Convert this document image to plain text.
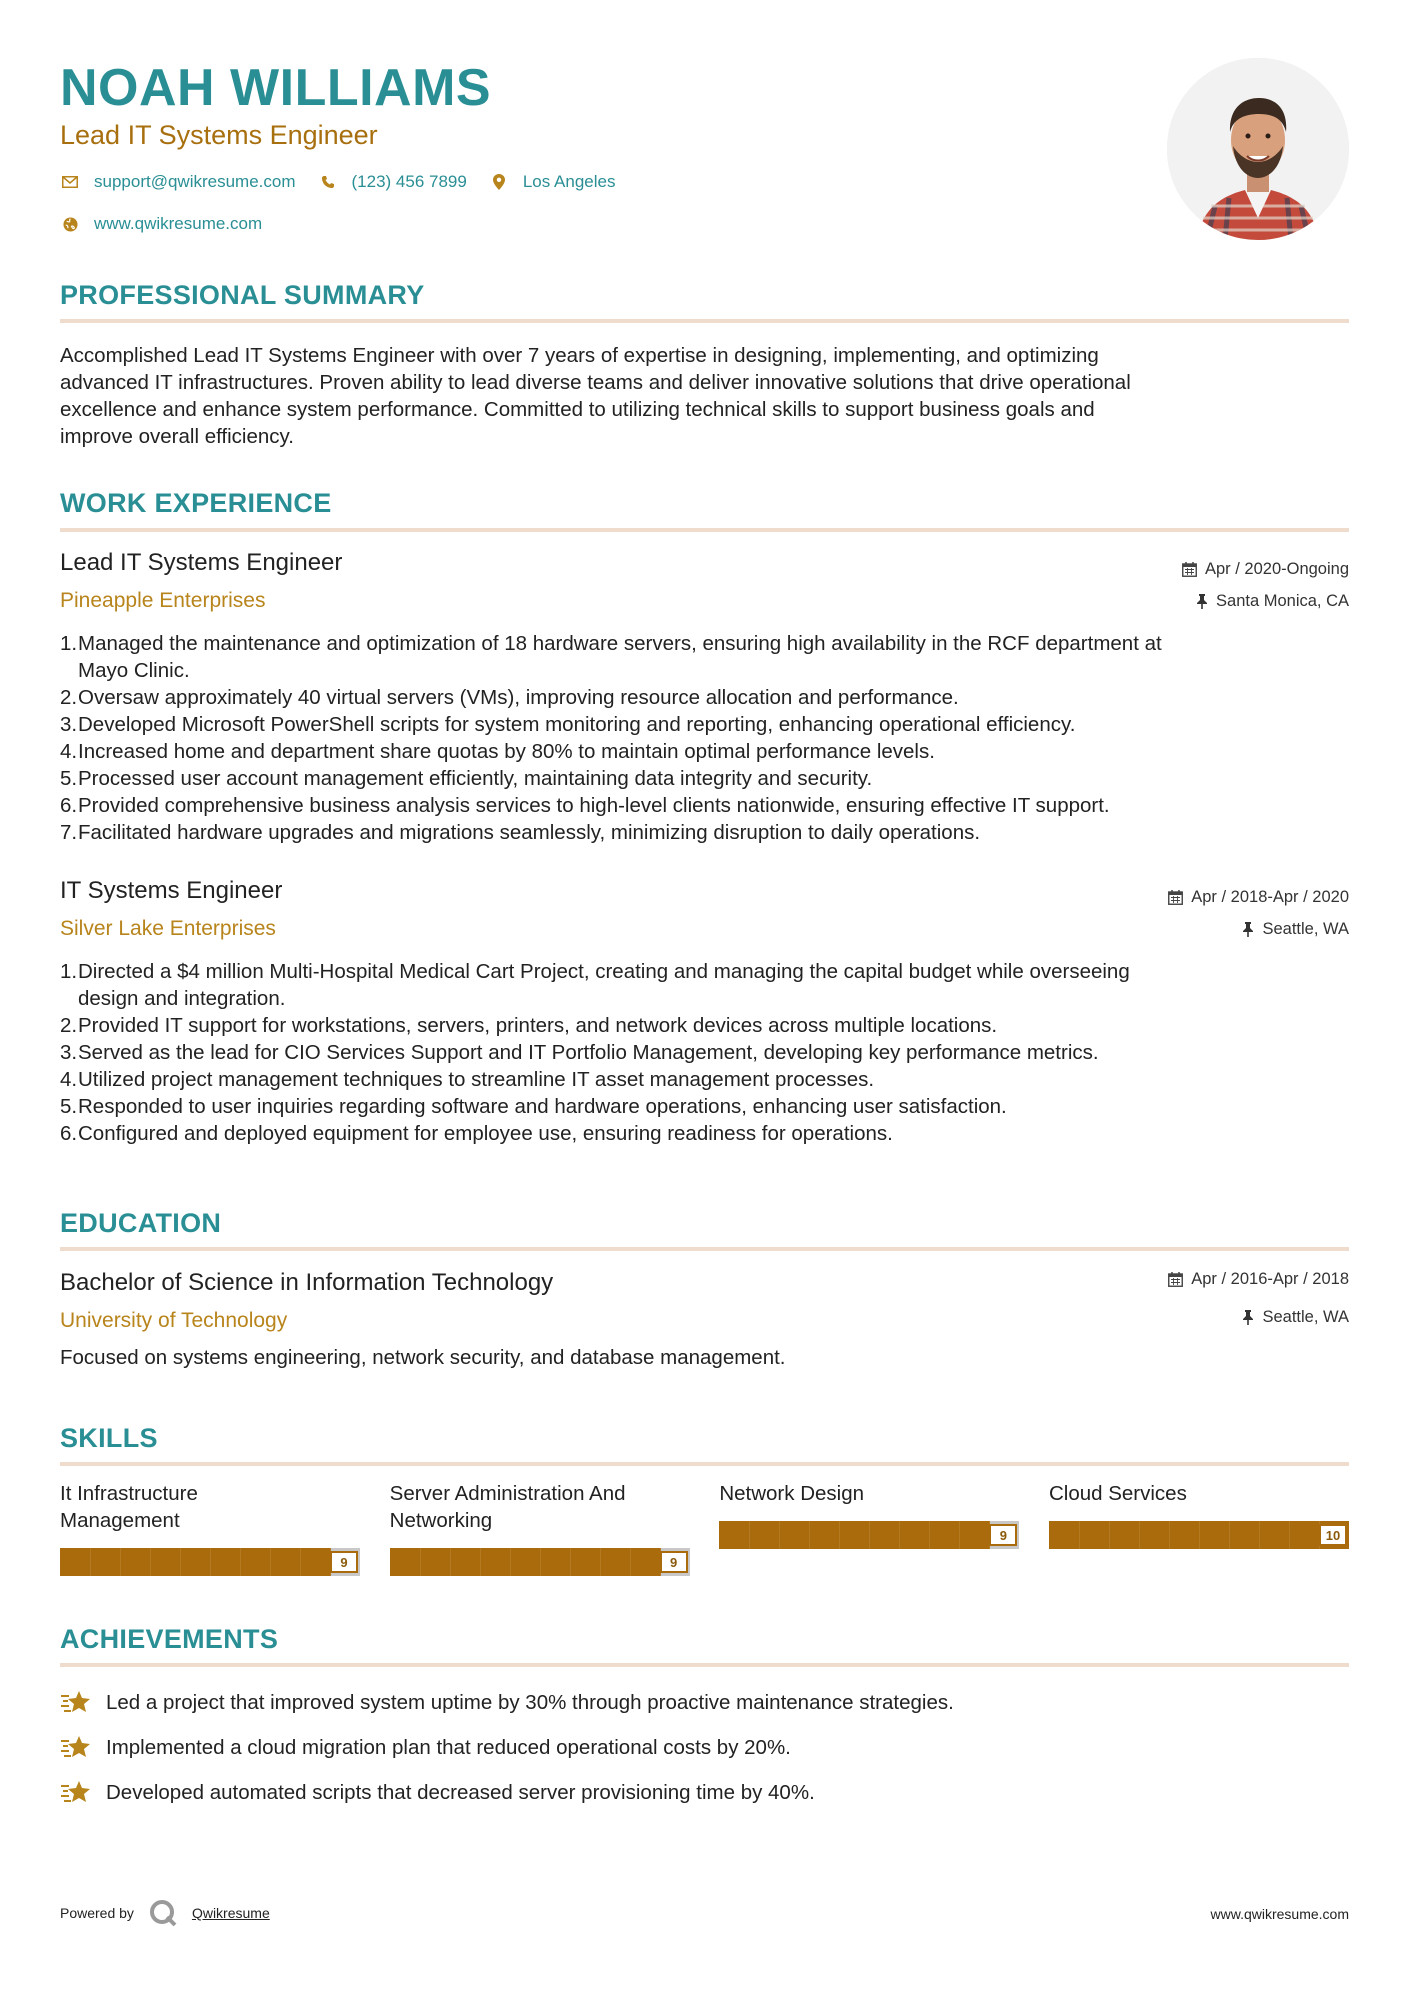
NOAH WILLIAMS
Lead IT Systems Engineer
support@qwikresume.com	(123) 456 7899	Los Angeles
www.qwikresume.com
PROFESSIONAL SUMMARY
Accomplished Lead IT Systems Engineer with over 7 years of expertise in designing, implementing, and optimizing
advanced IT infrastructures. Proven ability to lead diverse teams and deliver innovative solutions that drive operational
excellence and enhance system performance. Committed to utilizing technical skills to support business goals and
improve overall efficiency.
WORK EXPERIENCE
Lead IT Systems Engineer
Pineapple Enterprises
Apr / 2020-Ongoing
Santa Monica, CA
Managed the maintenance and optimization of 18 hardware servers, ensuring high availability in the RCF department at
Mayo Clinic.
Oversaw approximately 40 virtual servers (VMs), improving resource allocation and performance.
Developed Microsoft PowerShell scripts for system monitoring and reporting, enhancing operational efficiency.
Increased home and department share quotas by 80% to maintain optimal performance levels.
Processed user account management efficiently, maintaining data integrity and security.
Provided comprehensive business analysis services to high-level clients nationwide, ensuring effective IT support.
Facilitated hardware upgrades and migrations seamlessly, minimizing disruption to daily operations.
IT Systems Engineer
Silver Lake Enterprises
Apr / 2018-Apr / 2020
Seattle, WA
Directed a $4 million Multi-Hospital Medical Cart Project, creating and managing the capital budget while overseeing
design and integration.
Provided IT support for workstations, servers, printers, and network devices across multiple locations.
Served as the lead for CIO Services Support and IT Portfolio Management, developing key performance metrics.
Utilized project management techniques to streamline IT asset management processes.
Responded to user inquiries regarding software and hardware operations, enhancing user satisfaction.
Configured and deployed equipment for employee use, ensuring readiness for operations.
EDUCATION
Bachelor of Science in Information Technology
University of Technology
Apr / 2016-Apr / 2018
Seattle, WA
Focused on systems engineering, network security, and database management.
SKILLS
It Infrastructure
Management
9
Server Administration And
Networking
9
Network Design
9
Cloud Services
10
ACHIEVEMENTS
Led a project that improved system uptime by 30% through proactive maintenance strategies.
Implemented a cloud migration plan that reduced operational costs by 20%.
Developed automated scripts that decreased server provisioning time by 40%.
Powered by	Qwikresume	www.qwikresume.com
